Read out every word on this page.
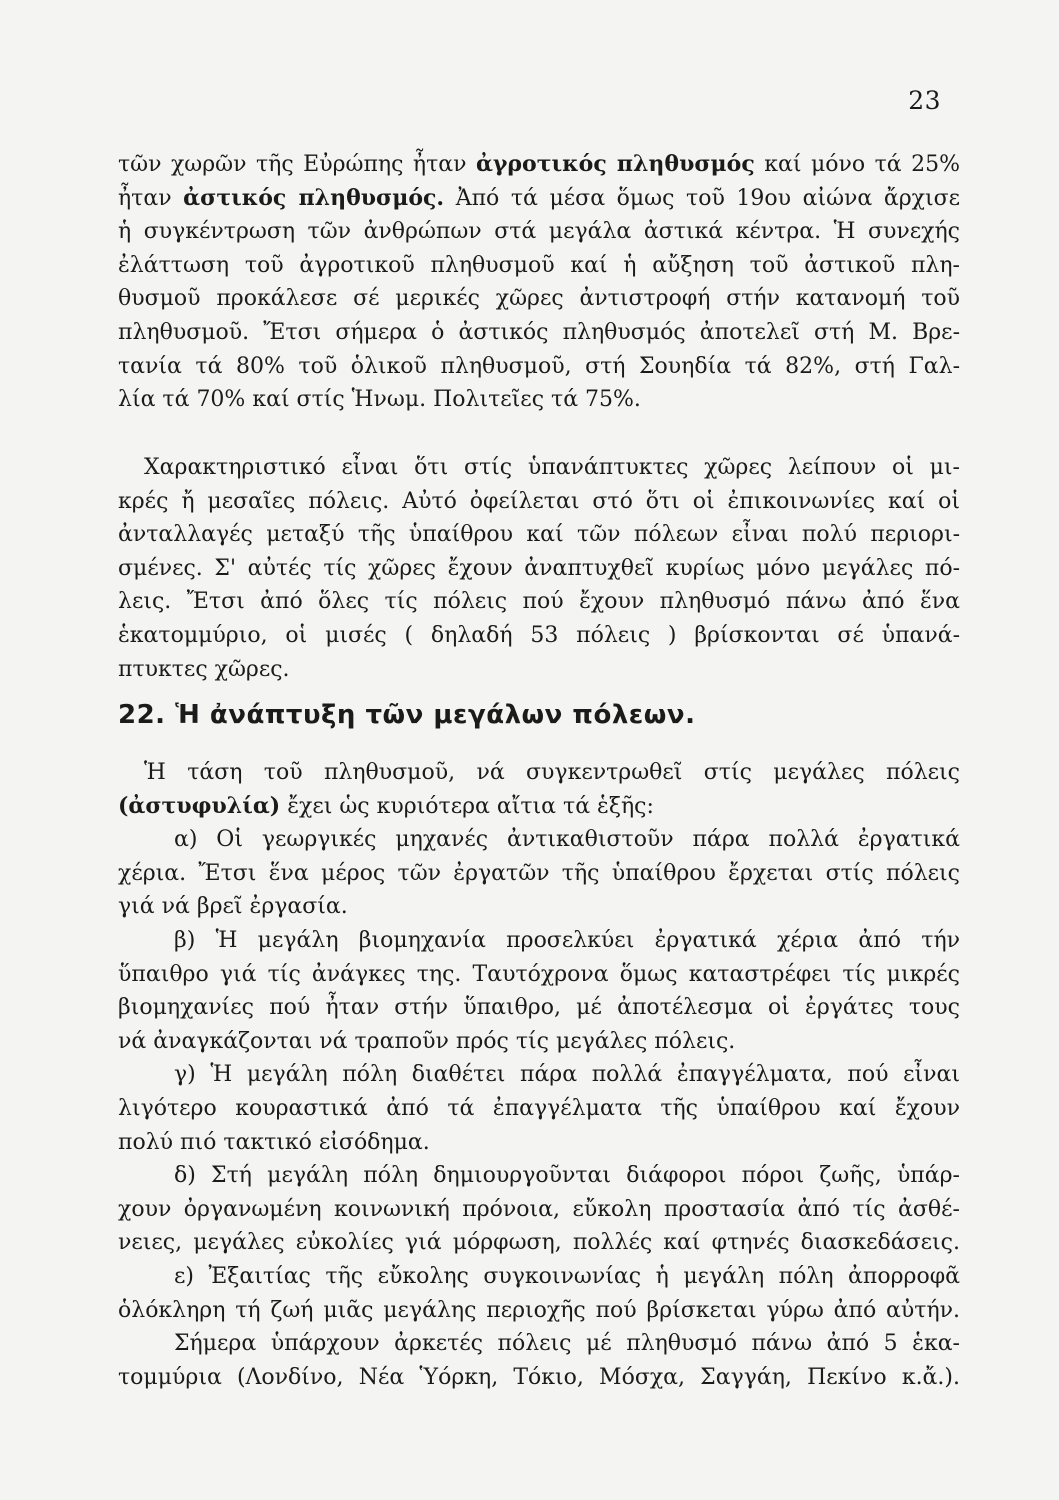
23
τῶν χωρῶν τῆς Εὐρώπης ἦταν ἀγροτικός πληθυσμός καί μόνο τά 25%
ἦταν ἀστικός πληθυσμός. Ἀπό τά μέσα ὅμως τοῦ 19ου αἰώνα ἄρχισε
ἡ συγκέντρωση τῶν ἀνθρώπων στά μεγάλα ἀστικά κέντρα. Ἡ συνεχής
ἐλάττωση τοῦ ἀγροτικοῦ πληθυσμοῦ καί ἡ αὔξηση τοῦ ἀστικοῦ πλη-
θυσμοῦ προκάλεσε σέ μερικές χῶρες ἀντιστροφή στήν κατανομή τοῦ
πληθυσμοῦ. Ἔτσι σήμερα ὁ ἀστικός πληθυσμός ἀποτελεῖ στή Μ. Βρε-
τανία τά 80% τοῦ ὁλικοῦ πληθυσμοῦ, στή Σουηδία τά 82%, στή Γαλ-
λία τά 70% καί στίς Ἡνωμ. Πολιτεῖες τά 75%.
Χαρακτηριστικό εἶναι ὅτι στίς ὑπανάπτυκτες χῶρες λείπουν οἱ μι-
κρές ἤ μεσαῖες πόλεις. Αὐτό ὀφείλεται στό ὅτι οἱ ἐπικοινωνίες καί οἱ
ἀνταλλαγές μεταξύ τῆς ὑπαίθρου καί τῶν πόλεων εἶναι πολύ περιορι-
σμένες. Σ' αὐτές τίς χῶρες ἔχουν ἀναπτυχθεῖ κυρίως μόνο μεγάλες πό-
λεις. Ἔτσι ἀπό ὅλες τίς πόλεις πού ἔχουν πληθυσμό πάνω ἀπό ἕνα
ἑκατομμύριο, οἱ μισές ( δηλαδή 53 πόλεις ) βρίσκονται σέ ὑπανά-
πτυκτες χῶρες.
22. Ἡ ἀνάπτυξη τῶν μεγάλων πόλεων.
Ἡ τάση τοῦ πληθυσμοῦ, νά συγκεντρωθεῖ στίς μεγάλες πόλεις
(ἀστυφυλία) ἔχει ὡς κυριότερα αἴτια τά ἑξῆς:
α) Οἱ γεωργικές μηχανές ἀντικαθιστοῦν πάρα πολλά ἐργατικά
χέρια. Ἔτσι ἕνα μέρος τῶν ἐργατῶν τῆς ὑπαίθρου ἔρχεται στίς πόλεις
γιά νά βρεῖ ἐργασία.
β) Ἡ μεγάλη βιομηχανία προσελκύει ἐργατικά χέρια ἀπό τήν
ὕπαιθρο γιά τίς ἀνάγκες της. Ταυτόχρονα ὅμως καταστρέφει τίς μικρές
βιομηχανίες πού ἦταν στήν ὕπαιθρο, μέ ἀποτέλεσμα οἱ ἐργάτες τους
νά ἀναγκάζονται νά τραποῦν πρός τίς μεγάλες πόλεις.
γ) Ἡ μεγάλη πόλη διαθέτει πάρα πολλά ἐπαγγέλματα, πού εἶναι
λιγότερο κουραστικά ἀπό τά ἐπαγγέλματα τῆς ὑπαίθρου καί ἔχουν
πολύ πιό τακτικό εἰσόδημα.
δ) Στή μεγάλη πόλη δημιουργοῦνται διάφοροι πόροι ζωῆς, ὑπάρ-
χουν ὀργανωμένη κοινωνική πρόνοια, εὔκολη προστασία ἀπό τίς ἀσθέ-
νειες, μεγάλες εὐκολίες γιά μόρφωση, πολλές καί φτηνές διασκεδάσεις.
ε) Ἐξαιτίας τῆς εὔκολης συγκοινωνίας ἡ μεγάλη πόλη ἀπορροφᾶ
ὁλόκληρη τή ζωή μιᾶς μεγάλης περιοχῆς πού βρίσκεται γύρω ἀπό αὐτήν.
Σήμερα ὑπάρχουν ἀρκετές πόλεις μέ πληθυσμό πάνω ἀπό 5 ἑκα-
τομμύρια (Λονδίνο, Νέα Ὑόρκη, Τόκιο, Μόσχα, Σαγγάη, Πεκίνο κ.ἄ.).
